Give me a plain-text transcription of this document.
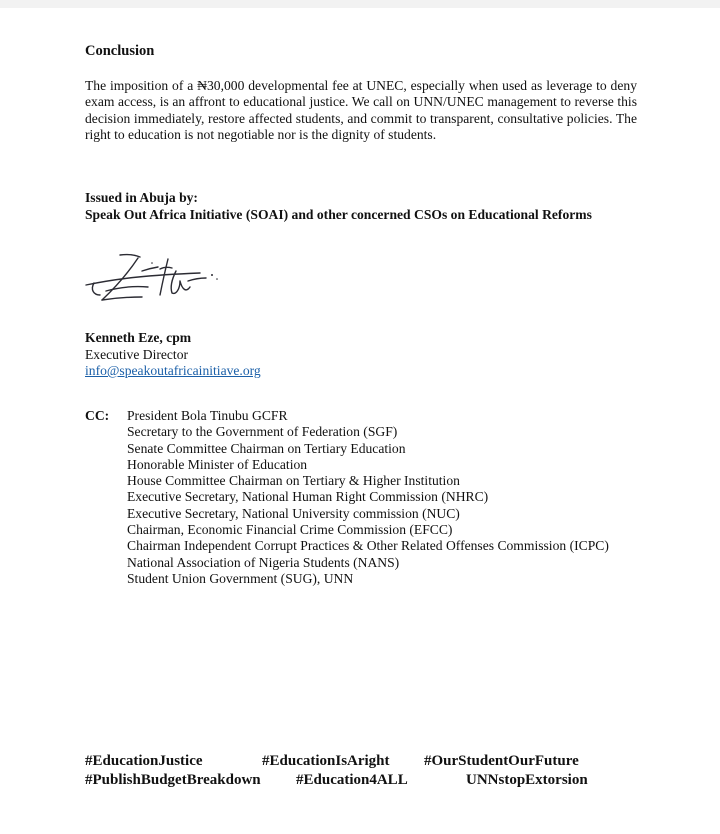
Conclusion

The imposition of a ₦30,000 developmental fee at UNEC, especially when used as leverage to deny exam access, is an affront to educational justice. We call on UNN/UNEC management to reverse this decision immediately, restore affected students, and commit to transparent, consultative policies. The right to education is not negotiable nor is the dignity of students.

Issued in Abuja by:
Speak Out Africa Initiative (SOAI) and other concerned CSOs on Educational Reforms
Kenneth Eze, cpm
Executive Director
info@speakoutafricainitiave.org
CC: President Bola Tinubu GCFR
Secretary to the Government of Federation (SGF)
Senate Committee Chairman on Tertiary Education
Honorable Minister of Education
House Committee Chairman on Tertiary & Higher Institution
Executive Secretary, National Human Right Commission (NHRC)
Executive Secretary, National University commission (NUC)
Chairman, Economic Financial Crime Commission (EFCC)
Chairman Independent Corrupt Practices & Other Related Offenses Commission (ICPC)
National Association of Nigeria Students (NANS)
Student Union Government (SUG), UNN
#EducationJustice	#EducationIsAright #OurStudentOurFuture
#PublishBudgetBreakdown #Education4ALL	UNNstopExtorsion
